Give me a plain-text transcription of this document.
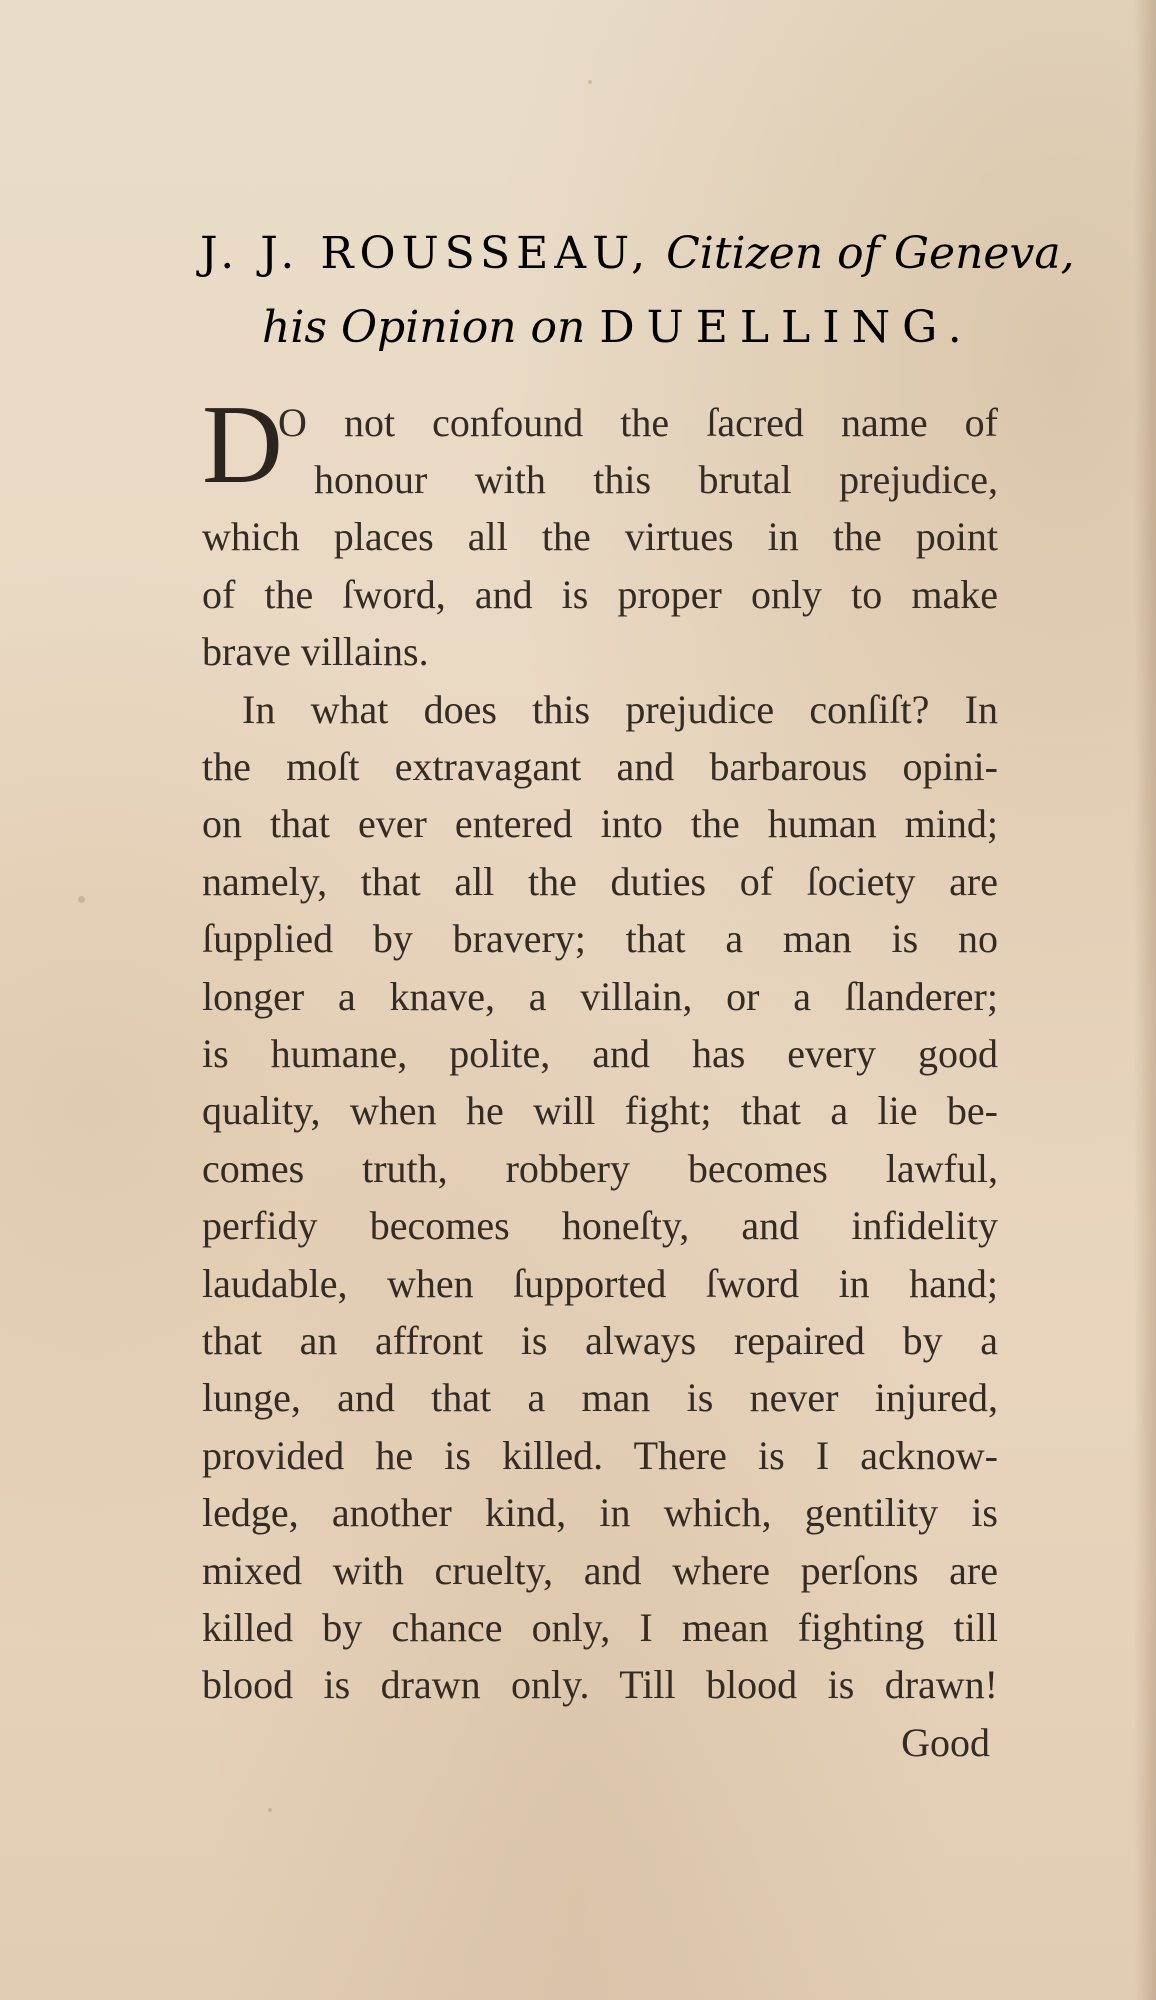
J. J. ROUSSEAU, Citizen of Geneva,
his Opinion on DUELLING.
D
O not confound the ſacred name of
honour with this brutal prejudice,
which places all the virtues in the point
of the ſword, and is proper only to make
brave villains.
In what does this prejudice conſiſt? In
the moſt extravagant and barbarous opini-
on that ever entered into the human mind;
namely, that all the duties of ſociety are
ſupplied by bravery; that a man is no
longer a knave, a villain, or a ſlanderer;
is humane, polite, and has every good
quality, when he will fight; that a lie be-
comes truth, robbery becomes lawful,
perfidy becomes honeſty, and infidelity
laudable, when ſupported ſword in hand;
that an affront is always repaired by a
lunge, and that a man is never injured,
provided he is killed. There is I acknow-
ledge, another kind, in which, gentility is
mixed with cruelty, and where perſons are
killed by chance only, I mean fighting till
blood is drawn only. Till blood is drawn!
Good
